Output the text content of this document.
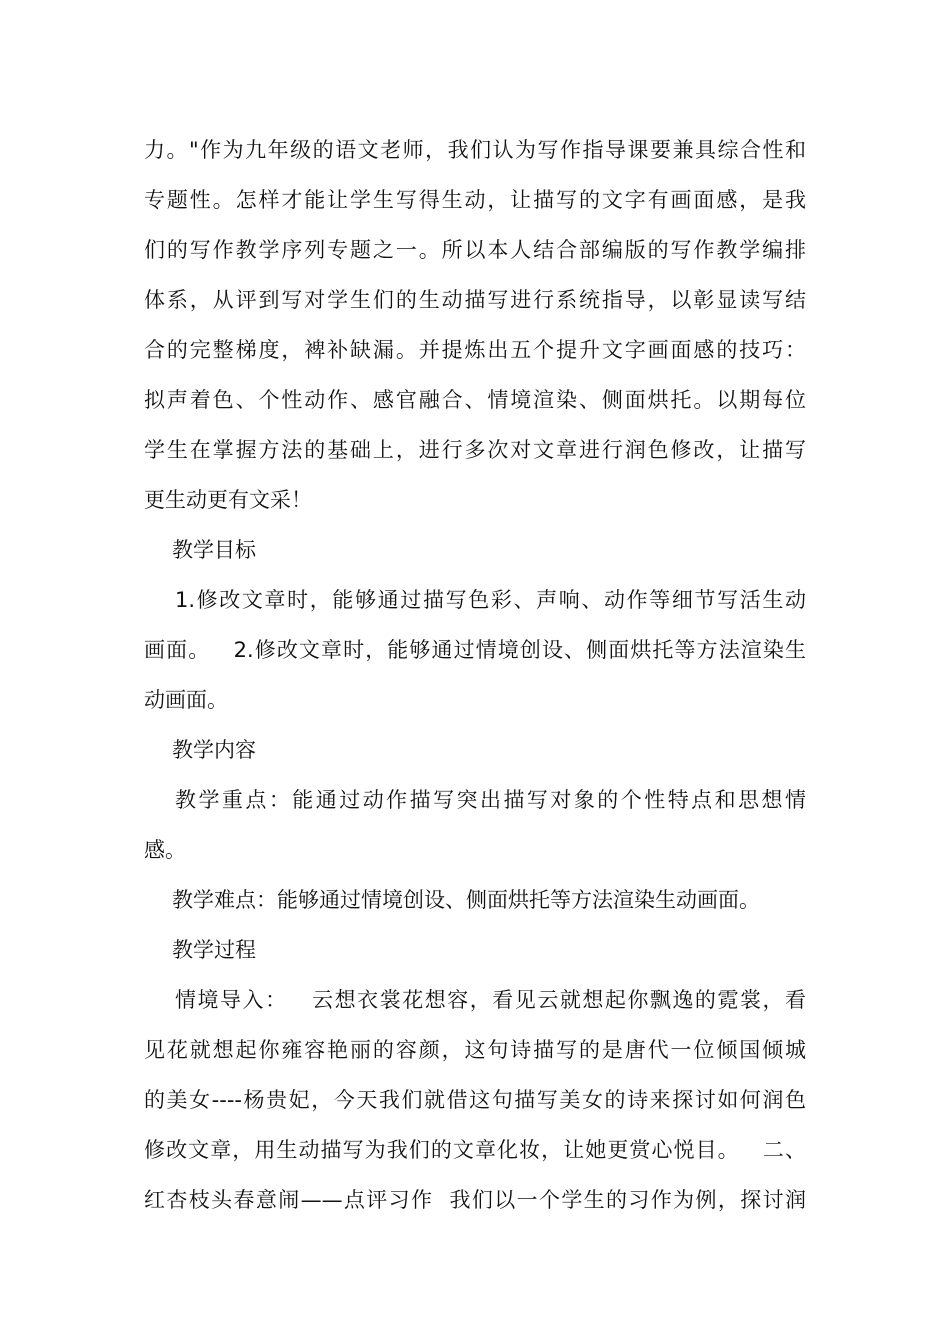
力。"作为九年级的语文老师，我们认为写作指导课要兼具综合性和
专题性。怎样才能让学生写得生动，让描写的文字有画面感，是我
们的写作教学序列专题之一。所以本人结合部编版的写作教学编排
体系，从评到写对学生们的生动描写进行系统指导，以彰显读写结
合的完整梯度，裨补缺漏。并提炼出五个提升文字画面感的技巧：
拟声着色、个性动作、感官融合、情境渲染、侧面烘托。以期每位
学生在掌握方法的基础上，进行多次对文章进行润色修改，让描写
更生动更有文采！
教学目标
1.修改文章时，能够通过描写色彩、声响、动作等细节写活生动
画面。   2.修改文章时，能够通过情境创设、侧面烘托等方法渲染生
动画面。
教学内容
教学重点：能通过动作描写突出描写对象的个性特点和思想情
感。
教学难点：能够通过情境创设、侧面烘托等方法渲染生动画面。
教学过程
情境导入：   云想衣裳花想容，看见云就想起你飘逸的霓裳，看
见花就想起你雍容艳丽的容颜，这句诗描写的是唐代一位倾国倾城
的美女----杨贵妃，今天我们就借这句描写美女的诗来探讨如何润色
修改文章，用生动描写为我们的文章化妆，让她更赏心悦目。   二、
红杏枝头春意闹——点评习作  我们以一个学生的习作为例，探讨润
